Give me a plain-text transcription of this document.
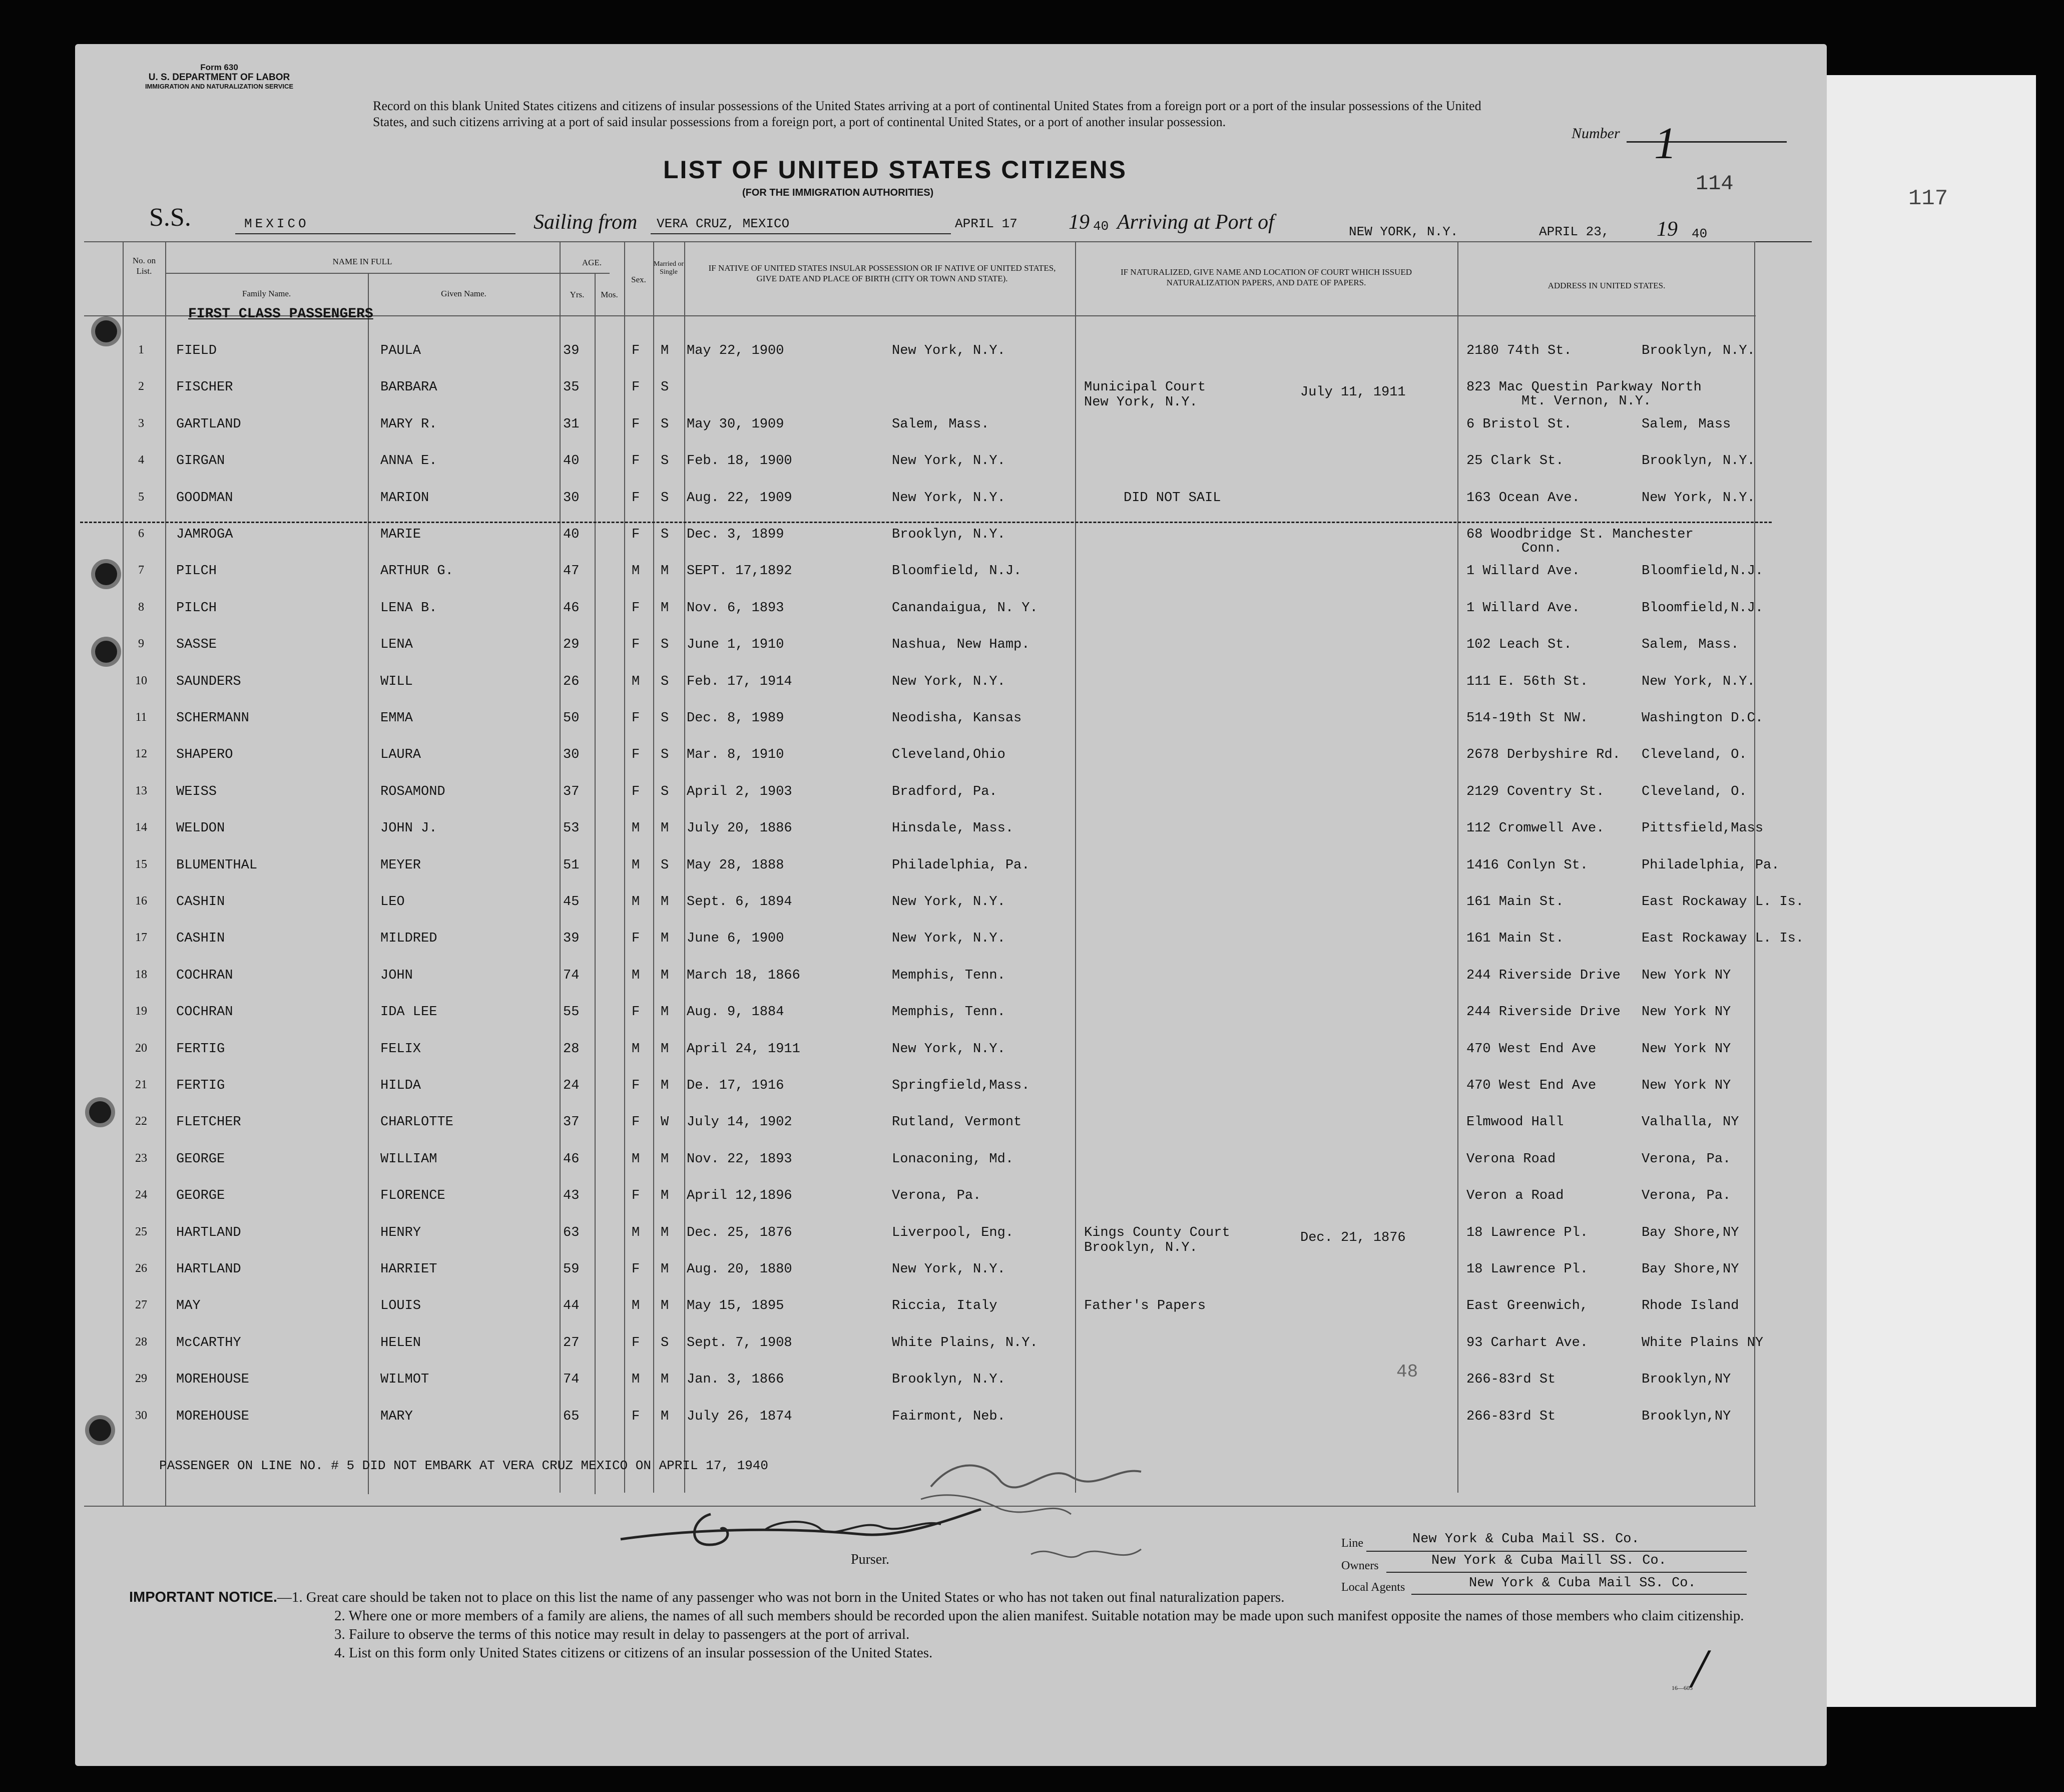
117
Form 630
U. S. DEPARTMENT OF LABOR
IMMIGRATION AND NATURALIZATION SERVICE
Record on this blank United States citizens and citizens of insular possessions of the United States arriving at a port of continental United States from a foreign port or a port of the insular possessions of the United States, and such citizens arriving at a port of said insular possessions from a foreign port, a port of continental United States, or a port of another insular possession.
Number 1
LIST OF UNITED STATES CITIZENS
(FOR THE IMMIGRATION AUTHORITIES)	114
S.S.	MEXICO	Sailing from VERA CRUZ, MEXICO	APRIL 17 19 40 Arriving at Port of	NEW YORK, N.Y.	APRIL 23, 19 40
No. on List.
NAME IN FULL
Family Name.	Given Name.
AGE.
Yrs.	Mos.
Sex.
Married or Single	IF NATIVE OF UNITED STATES INSULAR POSSESSION OR IF NATIVE OF UNITED STATES, GIVE DATE AND PLACE OF BIRTH (CITY OR TOWN AND STATE).
IF NATURALIZED, GIVE NAME AND LOCATION OF COURT WHICH ISSUED NATURALIZATION PAPERS, AND DATE OF PAPERS.	ADDRESS IN UNITED STATES.
FIRST CLASS PASSENGERS
1	FIELD	PAULA	39	F M May 22, 1900	New York, N.Y.	2180 74th St.	Brooklyn, N.Y.
2	FISCHER	BARBARA	35	F S	Municipal Court
New York, N.Y.
July 11, 1911	823 Mac Questin Parkway North
Mt. Vernon, N.Y.
3	GARTLAND	MARY R.	31	F S May 30, 1909	Salem, Mass.	6 Bristol St.	Salem, Mass
4	GIRGAN	ANNA E.	40	F S Feb. 18, 1900	New York, N.Y.	25 Clark St.	Brooklyn, N.Y.
5	GOODMAN	MARION	30	F S Aug. 22, 1909	New York, N.Y.	DID NOT SAIL	163 Ocean Ave.	New York, N.Y.
6	JAMROGA	MARIE	40	F S Dec. 3, 1899	Brooklyn, N.Y.	68 Woodbridge St. Manchester
Conn.
7	PILCH	ARTHUR G.	47	M M SEPT. 17,1892	Bloomfield, N.J.	1 Willard Ave.	Bloomfield,N.J.
8	PILCH	LENA B.	46	F M Nov. 6, 1893	Canandaigua, N. Y.	1 Willard Ave.	Bloomfield,N.J.
9	SASSE	LENA	29	F S June 1, 1910	Nashua, New Hamp.	102 Leach St.	Salem, Mass.
10 SAUNDERS	WILL	26	M S Feb. 17, 1914	New York, N.Y.	111 E. 56th St.	New York, N.Y.
11	SCHERMANN	EMMA	50	F S Dec. 8, 1989	Neodisha, Kansas	514-19th St NW.	Washington D.C.
12 SHAPERO	LAURA	30	F S Mar. 8, 1910	Cleveland,Ohio	2678 Derbyshire Rd. Cleveland, O.
13 WEISS	ROSAMOND	37	F S April 2, 1903	Bradford, Pa.	2129 Coventry St.	Cleveland, O.
14 WELDON	JOHN J.	53	M M July 20, 1886	Hinsdale, Mass.	112 Cromwell Ave.	Pittsfield,Mass
15 BLUMENTHAL	MEYER	51	M S May 28, 1888	Philadelphia, Pa.	1416 Conlyn St.	Philadelphia, Pa.
16 CASHIN	LEO	45	M M Sept. 6, 1894	New York, N.Y.	161 Main St.	East Rockaway L. Is.
17 CASHIN	MILDRED	39	F M June 6, 1900	New York, N.Y.	161 Main St.	East Rockaway L. Is.
18 COCHRAN	JOHN	74	M M March 18, 1866	Memphis, Tenn.	244 Riverside Drive New York NY
19 COCHRAN	IDA LEE	55	F M Aug. 9, 1884	Memphis, Tenn.	244 Riverside Drive New York NY
20 FERTIG	FELIX	28	M M April 24, 1911	New York, N.Y.	470 West End Ave	New York NY
21 FERTIG	HILDA	24	F M De. 17, 1916	Springfield,Mass.	470 West End Ave	New York NY
22 FLETCHER	CHARLOTTE	37	F W July 14, 1902	Rutland, Vermont	Elmwood Hall	Valhalla, NY
23 GEORGE	WILLIAM	46	M M Nov. 22, 1893	Lonaconing, Md.	Verona Road	Verona, Pa.
24 GEORGE	FLORENCE	43	F M April 12,1896	Verona, Pa.	Veron a Road	Verona, Pa.
25 HARTLAND	HENRY	63	M M Dec. 25, 1876	Liverpool, Eng.	Kings County Court
Brooklyn, N.Y.
Dec. 21, 1876	18 Lawrence Pl.	Bay Shore,NY
26 HARTLAND	HARRIET	59	F M Aug. 20, 1880	New York, N.Y.	18 Lawrence Pl.	Bay Shore,NY
27 MAY	LOUIS	44	M M May 15, 1895	Riccia, Italy	Father's Papers	East Greenwich,	Rhode Island
28 McCARTHY	HELEN	27	F S Sept. 7, 1908	White Plains, N.Y.	93 Carhart Ave.	White Plains NY
29 MOREHOUSE	WILMOT	74	M M Jan. 3, 1866	Brooklyn, N.Y.	266-83rd St	Brooklyn,NY
30 MOREHOUSE	MARY	65	F M July 26, 1874	Fairmont, Neb.	266-83rd St	Brooklyn,NY
48
PASSENGER ON LINE NO. # 5 DID NOT EMBARK AT VERA CRUZ MEXICO ON APRIL 17, 1940
Purser.
Line	New York & Cuba Mail SS. Co.
Owners	New York & Cuba Maill SS. Co.
Local Agents	New York & Cuba Mail SS. Co.
IMPORTANT NOTICE.—1. Great care should be taken not to place on this list the name of any passenger who was not born in the United States or who has not taken out final naturalization papers.
2. Where one or more members of a family are aliens, the names of all such members should be recorded upon the alien manifest. Suitable notation may be made upon such manifest opposite the names of those members who claim citizenship.
3. Failure to observe the terms of this notice may result in delay to passengers at the port of arrival.
4. List on this form only United States citizens or citizens of an insular possession of the United States.
16—605
/
